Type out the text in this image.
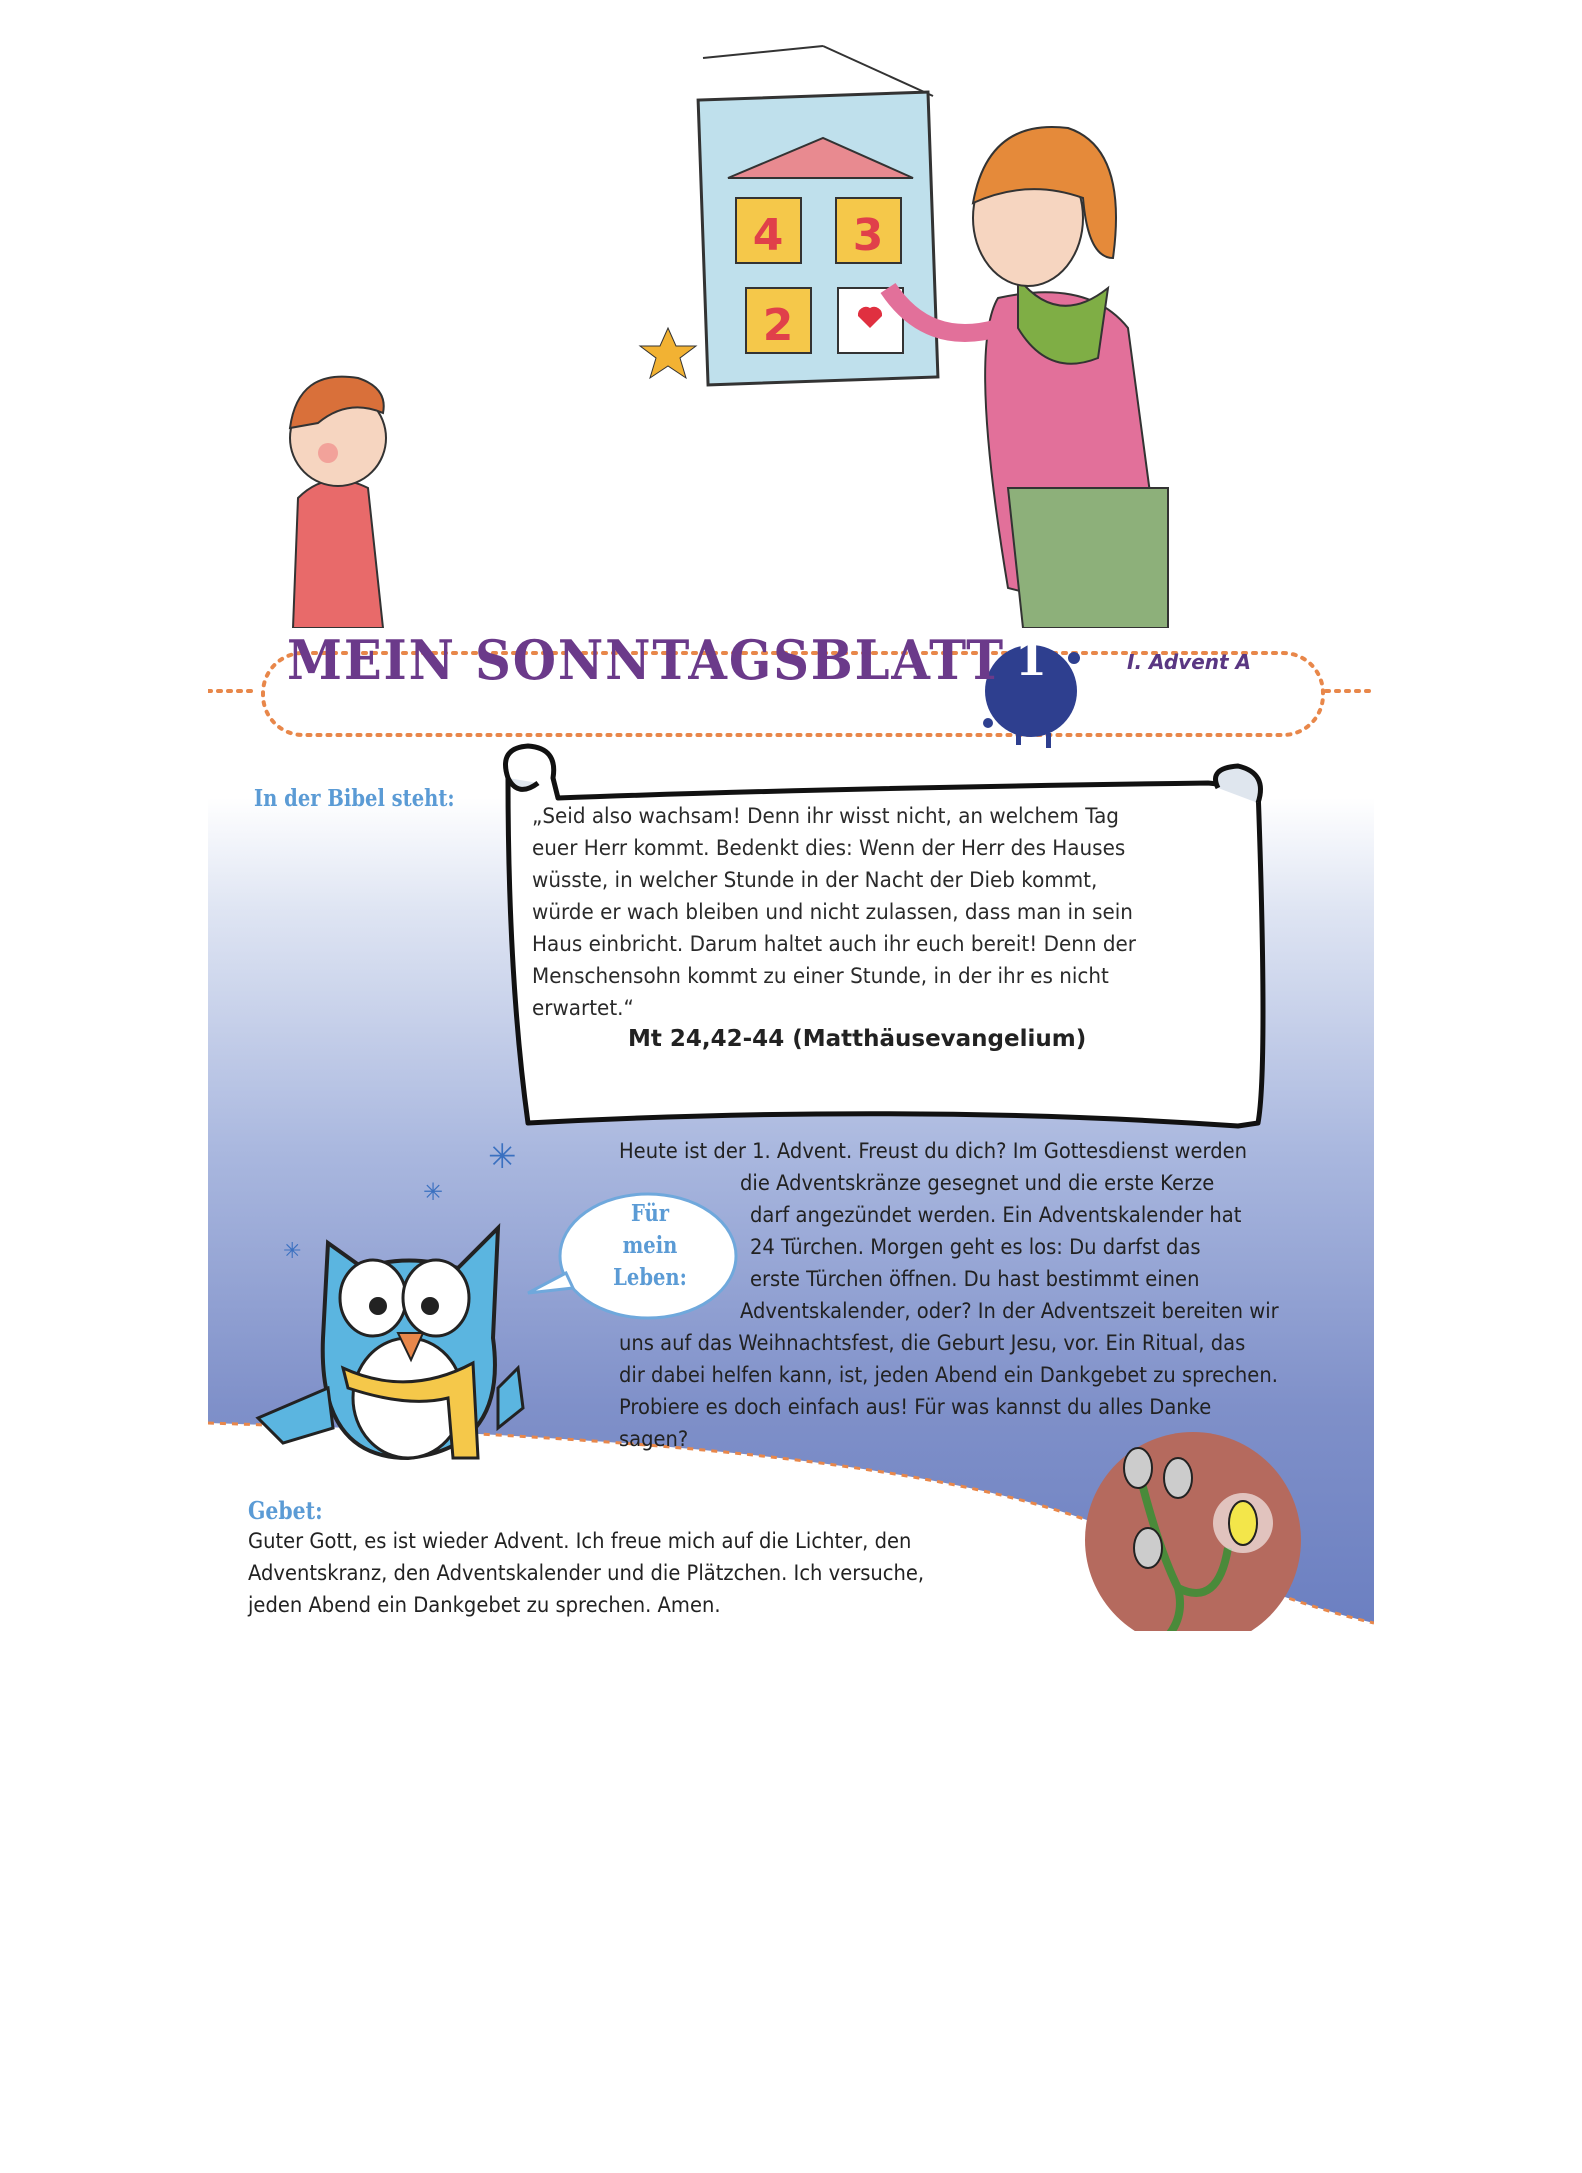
4 3
2
MEIN SONNTAGSBLATT 1	I. Advent A
In der Bibel steht:
„Seid also wachsam! Denn ihr wisst nicht, an welchem Tag
euer Herr kommt. Bedenkt dies: Wenn der Herr des Hauses
wüsste, in welcher Stunde in der Nacht der Dieb kommt,
würde er wach bleiben und nicht zulassen, dass man in sein
Haus einbricht. Darum haltet auch ihr euch bereit! Denn der
Menschensohn kommt zu einer Stunde, in der ihr es nicht
erwartet.“
Mt 24,42-44 (Matthäusevangelium)
✳
✳
✳
Für mein
Leben:
Heute ist der 1. Advent. Freust du dich? Im Gottesdienst werden
die Adventskränze gesegnet und die erste Kerze
darf angezündet werden. Ein Adventskalender hat
24 Türchen. Morgen geht es los: Du darfst das
erste Türchen öffnen. Du hast bestimmt einen
Adventskalender, oder? In der Adventszeit bereiten wir
uns auf das Weihnachtsfest, die Geburt Jesu, vor. Ein Ritual, das
dir dabei helfen kann, ist, jeden Abend ein Dankgebet zu sprechen.
Probiere es doch einfach aus! Für was kannst du alles Danke
sagen?
Gebet:
Guter Gott, es ist wieder Advent. Ich freue mich auf die Lichter, den
Adventskranz, den Adventskalender und die Plätzchen. Ich versuche,
jeden Abend ein Dankgebet zu sprechen. Amen.
